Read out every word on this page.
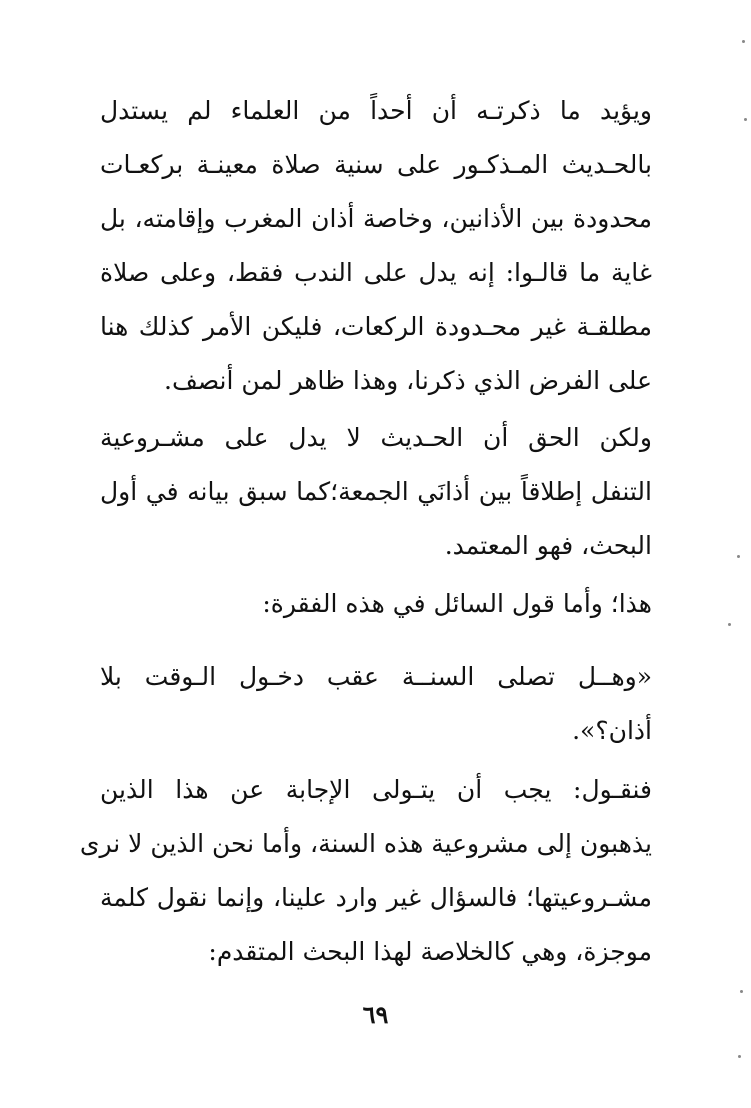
ويؤيد ما ذكرتـه أن أحداً من العلماء لم يستدل
بالحـديث المـذكـور على سنية صلاة معينـة بركعـات
محدودة بين الأذانين، وخاصة أذان المغرب وإقامته، بل
غاية ما قالـوا: إنه يدل على الندب فقط، وعلى صلاة
مطلقـة غير محـدودة الركعات، فليكن الأمر كذلك هنا
على الفرض الذي ذكرنا، وهذا ظاهر لمن أنصف.
ولكن الحق أن الحـديث لا يدل على مشـروعية
التنفل إطلاقاً بين أذانَي الجمعة؛كما سبق بيانه في أول
البحث، فهو المعتمد.
هذا؛ وأما قول السائل في هذه الفقرة:
«وهــل تصلى السنــة عقب دخـول الـوقت بلا
أذان؟».
فنقـول: يجب أن يتـولى الإجابة عن هذا الذين
يذهبون إلى مشروعية هذه السنة، وأما نحن الذين لا نرى
مشـروعيتها؛ فالسؤال غير وارد علينا، وإنما نقول كلمة
موجزة، وهي كالخلاصة لهذا البحث المتقدم:
٦٩
